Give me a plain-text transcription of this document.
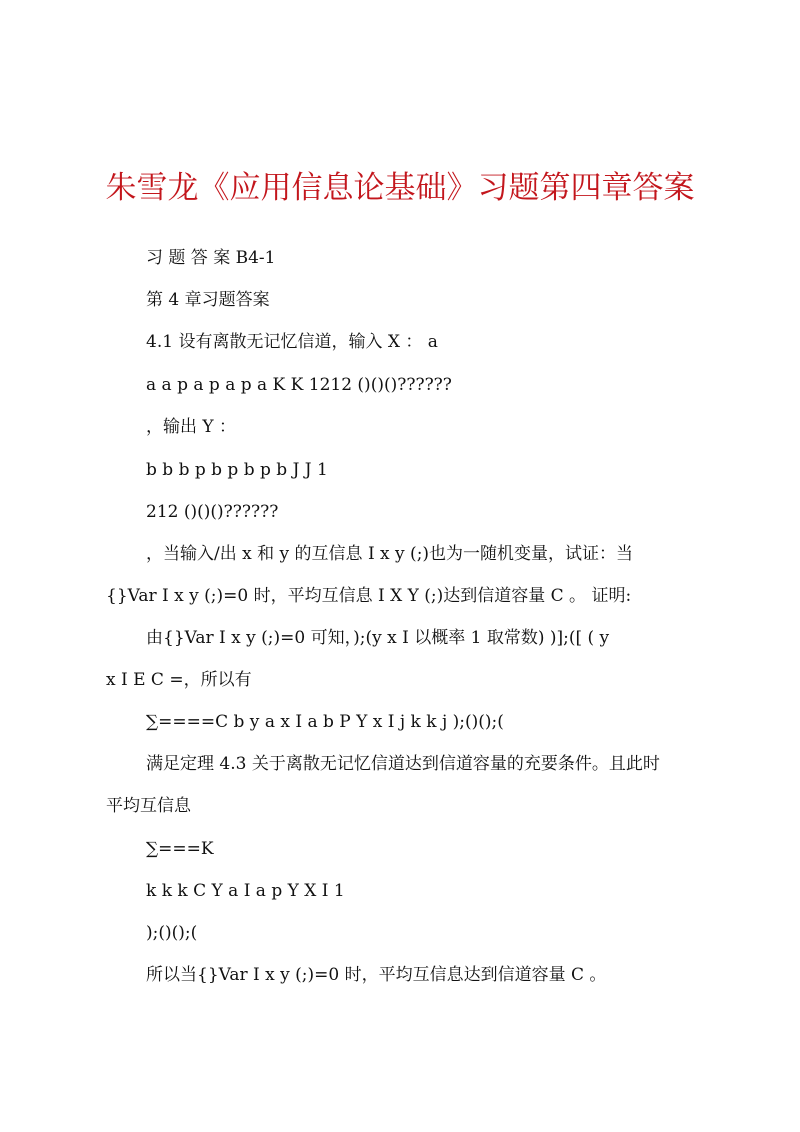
朱雪龙《应用信息论基础》习题第四章答案
习 题 答 案 B4-1
第 4 章习题答案
4.1 设有离散无记忆信道，输入 X ： a
a a p a p a p a K K 1212 ()()()??????
，输出 Y ：
b b b p b p b p b J J 1
212 ()()()??????
，当输入/出 x 和 y 的互信息 I x y (;)也为一随机变量，试证：当
{}Var I x y (;)=0 时，平均互信息 I X Y (;)达到信道容量 C 。 证明:
由{}Var I x y (;)=0 可知，);(y x I 以概率 1 取常数) )];([ ( y
x I E C =，所以有
∑====C b y a x I a b P Y x I j k k j );()();(
满足定理 4.3 关于离散无记忆信道达到信道容量的充要条件。且此时
平均互信息
∑===K
k k k C Y a I a p Y X I 1
);()();(
所以当{}Var I x y (;)=0 时，平均互信息达到信道容量 C 。
